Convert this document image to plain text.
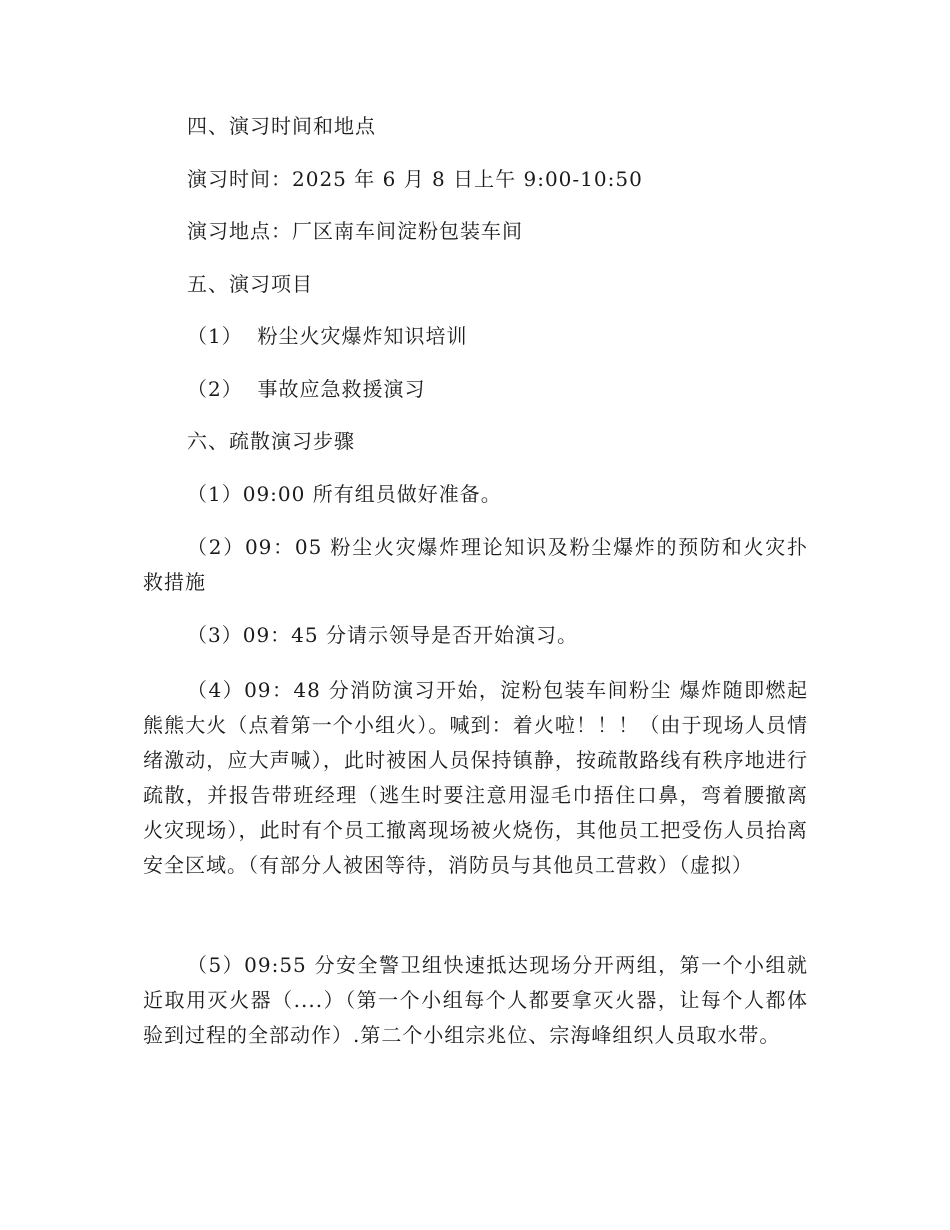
四、演习时间和地点
演习时间：2025 年 6 月 8 日上午 9:00-10:50
演习地点：厂区南车间淀粉包装车间
五、演习项目
（1）  粉尘火灾爆炸知识培训
（2）  事故应急救援演习
六、疏散演习步骤
（1）09:00 所有组员做好准备。

（2）09：05 粉尘火灾爆炸理论知识及粉尘爆炸的预防和火灾扑救措施

（3）09：45 分请示领导是否开始演习。

（4）09：48 分消防演习开始，淀粉包装车间粉尘 爆炸随即燃起熊熊大火（点着第一个小组火）。喊到：着火啦！！！（由于现场人员情绪激动，应大声喊），此时被困人员保持镇静，按疏散路线有秩序地进行疏散，并报告带班经理（逃生时要注意用湿毛巾捂住口鼻，弯着腰撤离火灾现场），此时有个员工撤离现场被火烧伤，其他员工把受伤人员抬离安全区域。（有部分人被困等待，消防员与其他员工营救）（虚拟）

（5）09:55 分安全警卫组快速抵达现场分开两组，第一个小组就近取用灭火器（....）（第一个小组每个人都要拿灭火器，让每个人都体验到过程的全部动作）.第二个小组宗兆位、宗海峰组织人员取水带。
